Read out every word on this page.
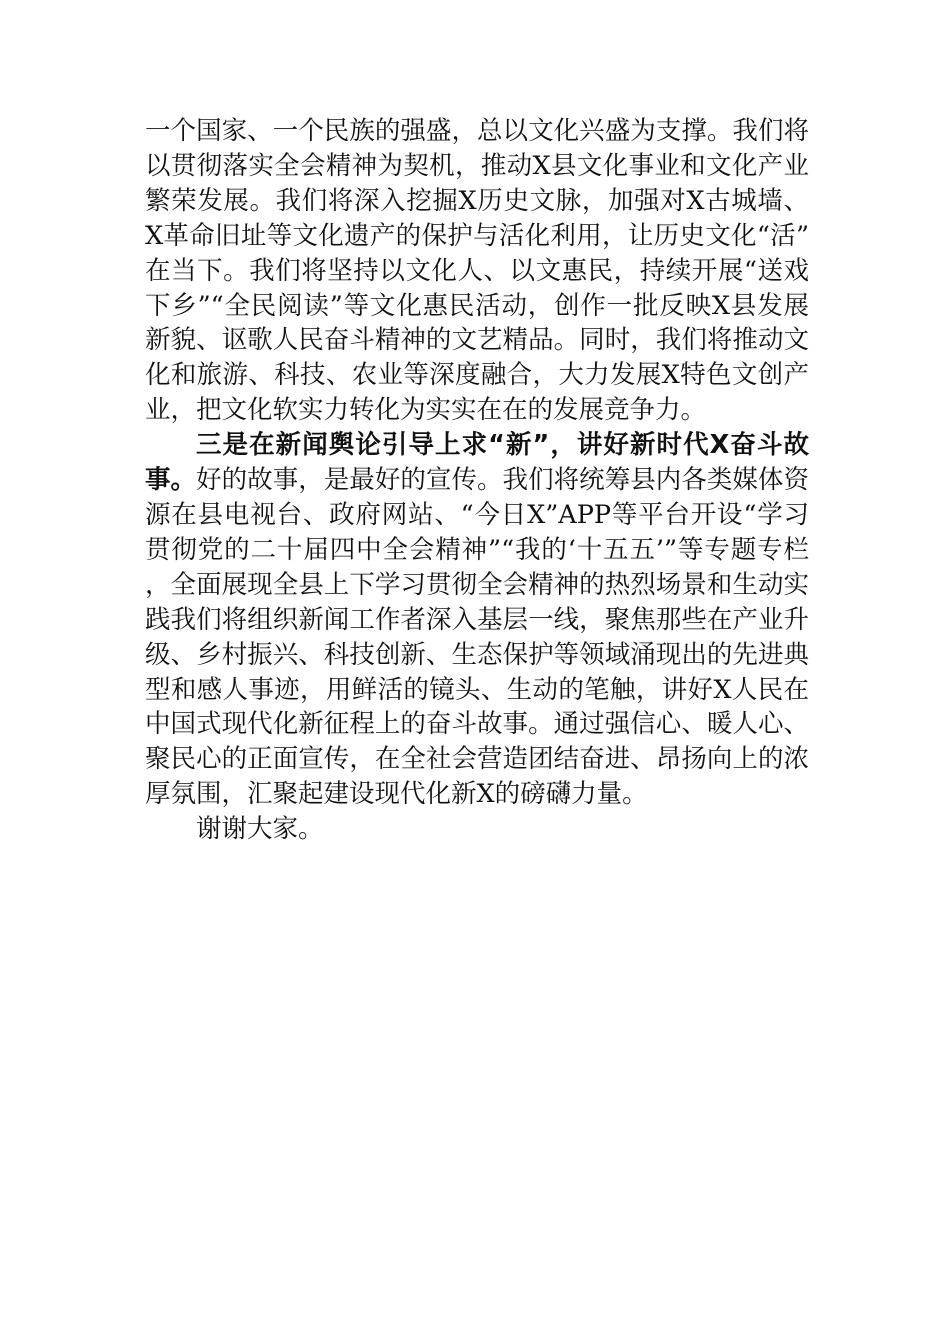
一个国家、一个民族的强盛，总以文化兴盛为支撑。我们将以贯彻落实全会精神为契机，推动X县文化事业和文化产业繁荣发展。我们将深入挖掘X历史文脉，加强对X古城墙、X革命旧址等文化遗产的保护与活化利用，让历史文化“活”在当下。我们将坚持以文化人、以文惠民，持续开展“送戏下乡”“全民阅读”等文化惠民活动，创作一批反映X县发展新貌、讴歌人民奋斗精神的文艺精品。同时，我们将推动文化和旅游、科技、农业等深度融合，大力发展X特色文创产业，把文化软实力转化为实实在在的发展竞争力。

三是在新闻舆论引导上求“新”，讲好新时代X奋斗故事。好的故事，是最好的宣传。我们将统筹县内各类媒体资源在县电视台、政府网站、“今日X”APP等平台开设“学习贯彻党的二十届四中全会精神”“我的‘十五五’”等专题专栏，全面展现全县上下学习贯彻全会精神的热烈场景和生动实践我们将组织新闻工作者深入基层一线，聚焦那些在产业升级、乡村振兴、科技创新、生态保护等领域涌现出的先进典型和感人事迹，用鲜活的镜头、生动的笔触，讲好X人民在中国式现代化新征程上的奋斗故事。通过强信心、暖人心、聚民心的正面宣传，在全社会营造团结奋进、昂扬向上的浓厚氛围，汇聚起建设现代化新X的磅礴力量。

谢谢大家。
